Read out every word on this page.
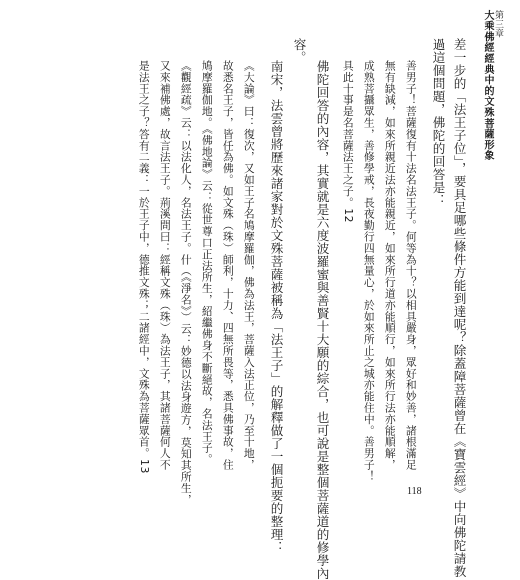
第三章
大乘佛經經典中的文殊菩薩形象
差一步的「法王子位」，要具足哪些條件方能到達呢？除蓋障菩薩曾在《寶雲經》中向佛陀請教
過這個問題，佛陀的回答是：
善男子！菩薩復有十法名法王子。何等為十？以相具嚴身，眾好和妙善，諸根滿足
無有缺減，如來所親近法亦能親近，如來所行道亦能順行，如來所行法亦能順解，
成熟菩攝眾生，善修學戒，長夜勤行四無量心，於如來所止之城亦能住中。善男子！
具此十事是名菩薩法王之子。12
佛陀回答的內容，其實就是六度波羅蜜與善賢十大願的綜合，也可說是整個菩薩道的修學內
容。
南宋，法雲曾將歷來諸家對於文殊菩薩被稱為「法王子」的解釋做了一個扼要的整理：
《大論》曰：復次，又如王子名鳩摩羅伽，佛為法王，菩薩入法正位，乃至十地，
故悉名王子，皆任為佛。如文殊（珠）師利，十力、四無所畏等，悉具佛事故，住
鳩摩羅伽地。《佛地論》云：從世尊口正法所生，紹繼佛身不斷絕故，名法王子。
《觀經疏》云：以法化人，名法王子。什（《淨名》）云：妙德以法身遊方，莫知其所生，
又來補佛處，故言法王子。荊溪問曰：經稱文殊（珠）為法王子，其諸菩薩何人不
是法王之子？答有二義：一於王子中，德推文殊；二諸經中，文殊為菩薩眾首。13
118
